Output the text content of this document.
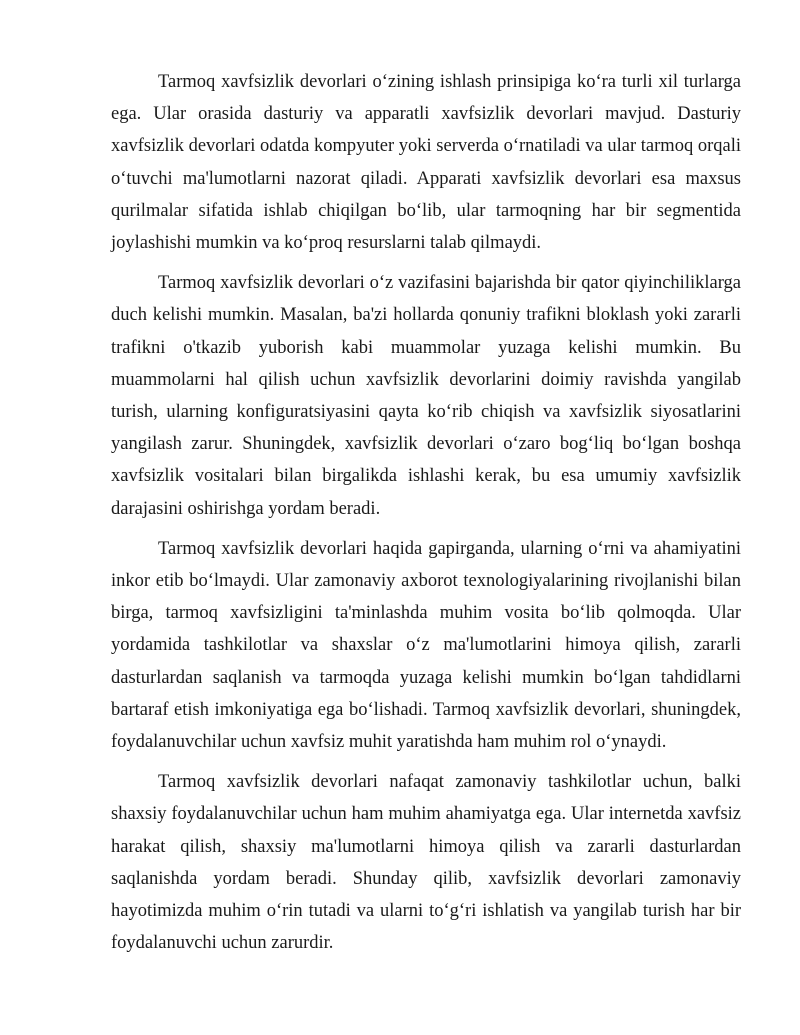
Tarmoq xavfsizlik devorlari o‘zining ishlash prinsipiga ko‘ra turli xil turlarga ega. Ular orasida dasturiy va apparatli xavfsizlik devorlari mavjud. Dasturiy xavfsizlik devorlari odatda kompyuter yoki serverda o‘rnatiladi va ular tarmoq orqali o‘tuvchi ma'lumotlarni nazorat qiladi. Apparati xavfsizlik devorlari esa maxsus qurilmalar sifatida ishlab chiqilgan bo‘lib, ular tarmoqning har bir segmentida joylashishi mumkin va ko‘proq resurslarni talab qilmaydi.

Tarmoq xavfsizlik devorlari o‘z vazifasini bajarishda bir qator qiyinchiliklarga duch kelishi mumkin. Masalan, ba'zi hollarda qonuniy trafikni bloklash yoki zararli trafikni o'tkazib yuborish kabi muammolar yuzaga kelishi mumkin. Bu muammolarni hal qilish uchun xavfsizlik devorlarini doimiy ravishda yangilab turish, ularning konfiguratsiyasini qayta ko‘rib chiqish va xavfsizlik siyosatlarini yangilash zarur. Shuningdek, xavfsizlik devorlari o‘zaro bog‘liq bo‘lgan boshqa xavfsizlik vositalari bilan birgalikda ishlashi kerak, bu esa umumiy xavfsizlik darajasini oshirishga yordam beradi.

Tarmoq xavfsizlik devorlari haqida gapirganda, ularning o‘rni va ahamiyatini inkor etib bo‘lmaydi. Ular zamonaviy axborot texnologiyalarining rivojlanishi bilan birga, tarmoq xavfsizligini ta'minlashda muhim vosita bo‘lib qolmoqda. Ular yordamida tashkilotlar va shaxslar o‘z ma'lumotlarini himoya qilish, zararli dasturlardan saqlanish va tarmoqda yuzaga kelishi mumkin bo‘lgan tahdidlarni bartaraf etish imkoniyatiga ega bo‘lishadi. Tarmoq xavfsizlik devorlari, shuningdek, foydalanuvchilar uchun xavfsiz muhit yaratishda ham muhim rol o‘ynaydi.

Tarmoq xavfsizlik devorlari nafaqat zamonaviy tashkilotlar uchun, balki shaxsiy foydalanuvchilar uchun ham muhim ahamiyatga ega. Ular internetda xavfsiz harakat qilish, shaxsiy ma'lumotlarni himoya qilish va zararli dasturlardan saqlanishda yordam beradi. Shunday qilib, xavfsizlik devorlari zamonaviy hayotimizda muhim o‘rin tutadi va ularni to‘g‘ri ishlatish va yangilab turish har bir foydalanuvchi uchun zarurdir.
